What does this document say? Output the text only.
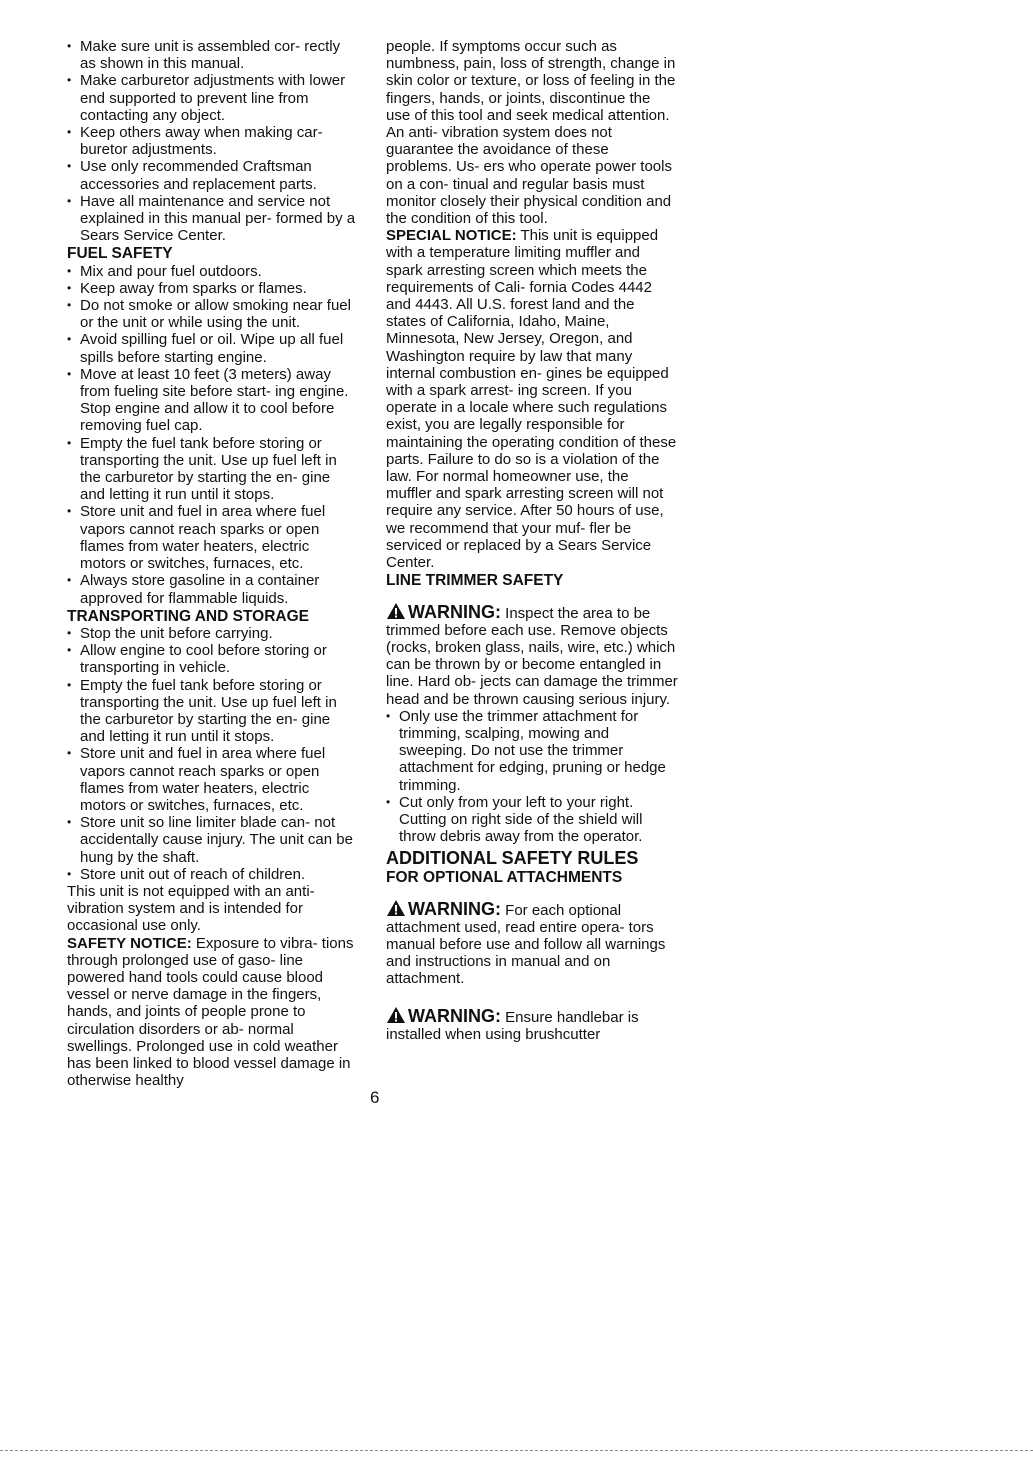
• Make sure unit is assembled cor- rectly as shown in this manual.
• Make carburetor adjustments with lower end supported to prevent line from contacting any object.
• Keep others away when making car- buretor adjustments.
• Use only recommended Craftsman accessories and replacement parts.
• Have all maintenance and service not explained in this manual per- formed by a Sears Service Center.
FUEL SAFETY
• Mix and pour fuel outdoors.
• Keep away from sparks or flames.
• Do not smoke or allow smoking near fuel or the unit or while using the unit.
• Avoid spilling fuel or oil. Wipe up all fuel spills before starting engine.
• Move at least 10 feet (3 meters) away from fueling site before start- ing engine. Stop engine and allow it to cool before removing fuel cap.
• Empty the fuel tank before storing or transporting the unit. Use up fuel left in the carburetor by starting the en- gine and letting it run until it stops.
• Store unit and fuel in area where fuel vapors cannot reach sparks or open flames from water heaters, electric motors or switches, furnaces, etc.
• Always store gasoline in a container approved for flammable liquids.
TRANSPORTING AND STORAGE
• Stop the unit before carrying.
• Allow engine to cool before storing or transporting in vehicle.
• Empty the fuel tank before storing or transporting the unit. Use up fuel left in the carburetor by starting the en- gine and letting it run until it stops.
• Store unit and fuel in area where fuel vapors cannot reach sparks or open flames from water heaters, electric motors or switches, furnaces, etc.
• Store unit so line limiter blade can- not accidentally cause injury. The unit can be hung by the shaft.
• Store unit out of reach of children.

This unit is not equipped with an anti- vibration system and is intended for occasional use only.

SAFETY NOTICE: Exposure to vibra- tions through prolonged use of gaso- line powered hand tools could cause blood vessel or nerve damage in the fingers, hands, and joints of people prone to circulation disorders or ab- normal swellings. Prolonged use in cold weather has been linked to blood vessel damage in otherwise healthy

people. If symptoms occur such as numbness, pain, loss of strength, change in skin color or texture, or loss of feeling in the fingers, hands, or joints, discontinue the use of this tool and seek medical attention. An anti- vibration system does not guarantee the avoidance of these problems. Us- ers who operate power tools on a con- tinual and regular basis must monitor closely their physical condition and the condition of this tool.

SPECIAL NOTICE: This unit is equipped with a temperature limiting muffler and spark arresting screen which meets the requirements of Cali- fornia Codes 4442 and 4443. All U.S. forest land and the states of California, Idaho, Maine, Minnesota, New Jersey, Oregon, and Washington require by law that many internal combustion en- gines be equipped with a spark arrest- ing screen. If you operate in a locale where such regulations exist, you are legally responsible for maintaining the operating condition of these parts. Failure to do so is a violation of the law. For normal homeowner use, the muffler and spark arresting screen will not require any service. After 50 hours of use, we recommend that your muf- fler be serviced or replaced by a Sears Service Center.

LINE TRIMMER SAFETY

WARNING: Inspect the area to be trimmed before each use. Remove objects (rocks, broken glass, nails, wire, etc.) which can be thrown by or become entangled in line. Hard ob- jects can damage the trimmer head and be thrown causing serious injury.

• Only use the trimmer attachment for trimming, scalping, mowing and sweeping. Do not use the trimmer attachment for edging, pruning or hedge trimming.
• Cut only from your left to your right. Cutting on right side of the shield will throw debris away from the operator.
ADDITIONAL SAFETY RULES
FOR OPTIONAL ATTACHMENTS

WARNING: For each optional attachment used, read entire opera- tors manual before use and follow all warnings and instructions in manual and on attachment.

WARNING: Ensure handlebar is installed when using brushcutter

6
